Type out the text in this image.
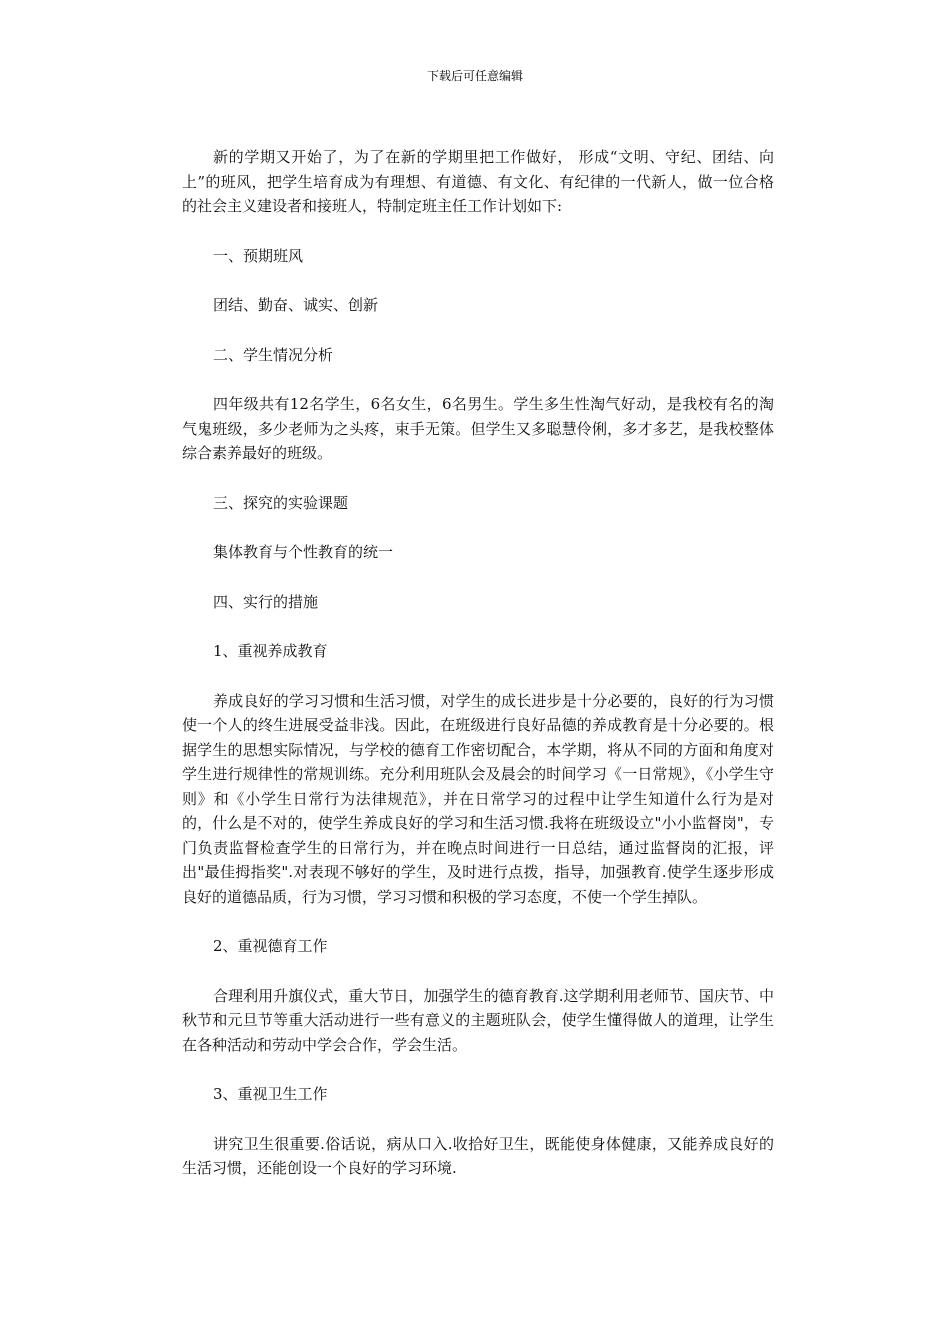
下载后可任意编辑

新的学期又开始了，为了在新的学期里把工作做好， 形成“文明、守纪、团结、向上”的班风，把学生培育成为有理想、有道德、有文化、有纪律的一代新人，做一位合格的社会主义建设者和接班人，特制定班主任工作计划如下:

一、预期班风

团结、勤奋、诚实、创新

二、学生情况分析

四年级共有12名学生，6名女生，6名男生。学生多生性淘气好动，是我校有名的淘气鬼班级，多少老师为之头疼，束手无策。但学生又多聪慧伶俐，多才多艺，是我校整体综合素养最好的班级。

三、探究的实验课题

集体教育与个性教育的统一

四、实行的措施

1、重视养成教育

养成良好的学习习惯和生活习惯，对学生的成长进步是十分必要的，良好的行为习惯使一个人的终生进展受益非浅。因此，在班级进行良好品德的养成教育是十分必要的。根据学生的思想实际情况，与学校的德育工作密切配合，本学期，将从不同的方面和角度对学生进行规律性的常规训练。充分利用班队会及晨会的时间学习《一日常规》，《小学生守则》和《小学生日常行为法律规范》，并在日常学习的过程中让学生知道什么行为是对的，什么是不对的，使学生养成良好的学习和生活习惯.我将在班级设立"小小监督岗"，专门负责监督检查学生的日常行为，并在晚点时间进行一日总结，通过监督岗的汇报，评出"最佳拇指奖".对表现不够好的学生，及时进行点拨，指导，加强教育.使学生逐步形成良好的道德品质，行为习惯，学习习惯和积极的学习态度，不使一个学生掉队。

2、重视德育工作

合理利用升旗仪式，重大节日，加强学生的德育教育.这学期利用老师节、国庆节、中秋节和元旦节等重大活动进行一些有意义的主题班队会，使学生懂得做人的道理，让学生在各种活动和劳动中学会合作，学会生活。

3、重视卫生工作

讲究卫生很重要.俗话说，病从口入.收拾好卫生，既能使身体健康，又能养成良好的生活习惯，还能创设一个良好的学习环境.
